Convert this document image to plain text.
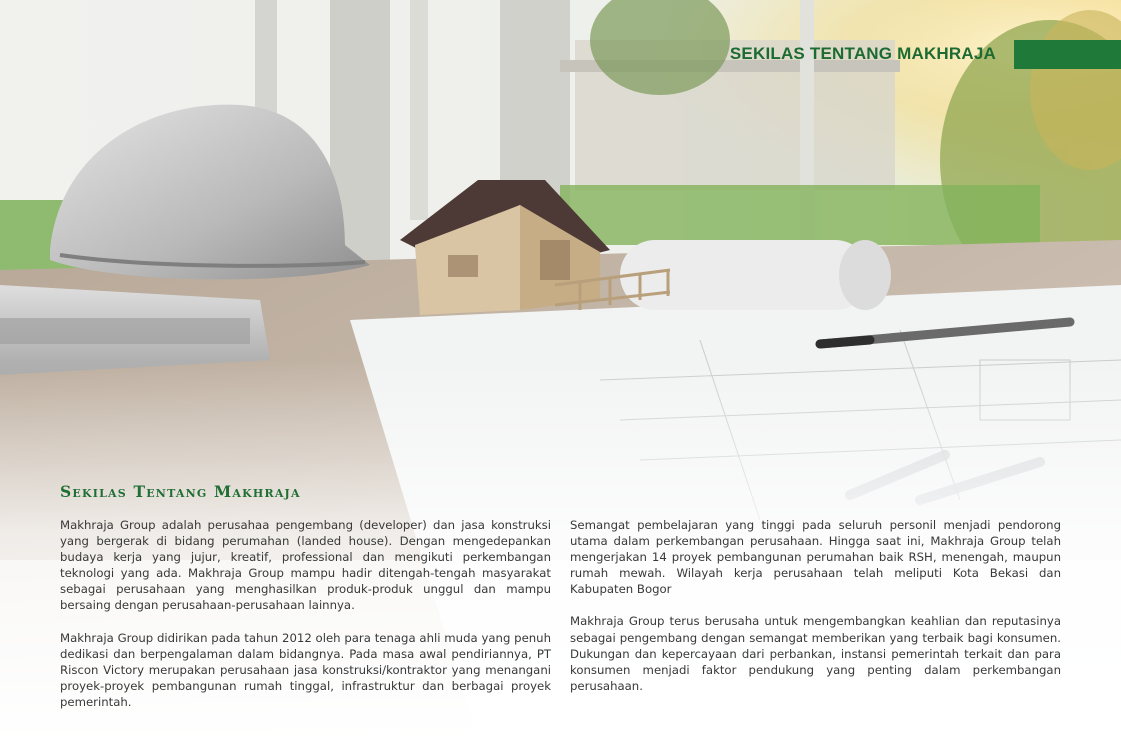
SEKILAS TENTANG MAKHRAJA
Sekilas Tentang Makhraja

Makhraja Group adalah perusahaa pengembang (developer) dan jasa konstruksi yang bergerak di bidang perumahan (landed house). Dengan mengedepankan budaya kerja yang jujur, kreatif, professional dan mengikuti perkembangan teknologi yang ada. Makhraja Group mampu hadir ditengah-tengah masyarakat sebagai perusahaan yang menghasilkan produk-produk unggul dan mampu bersaing dengan perusahaan-perusahaan lainnya.

Makhraja Group didirikan pada tahun 2012 oleh para tenaga ahli muda yang penuh dedikasi dan berpengalaman dalam bidangnya. Pada masa awal pendiriannya, PT Riscon Victory merupakan perusahaan jasa konstruksi/kontraktor yang menangani proyek-proyek pembangunan rumah tinggal, infrastruktur dan berbagai proyek pemerintah.

Semangat pembelajaran yang tinggi pada seluruh personil menjadi pendorong utama dalam perkembangan perusahaan. Hingga saat ini, Makhraja Group telah mengerjakan 14 proyek pembangunan perumahan baik RSH, menengah, maupun rumah mewah. Wilayah kerja perusahaan telah meliputi Kota Bekasi dan Kabupaten Bogor

Makhraja Group terus berusaha untuk mengembangkan keahlian dan reputasinya sebagai pengembang dengan semangat memberikan yang terbaik bagi konsumen. Dukungan dan kepercayaan dari perbankan, instansi pemerintah terkait dan para konsumen menjadi faktor pendukung yang penting dalam perkembangan perusahaan.
